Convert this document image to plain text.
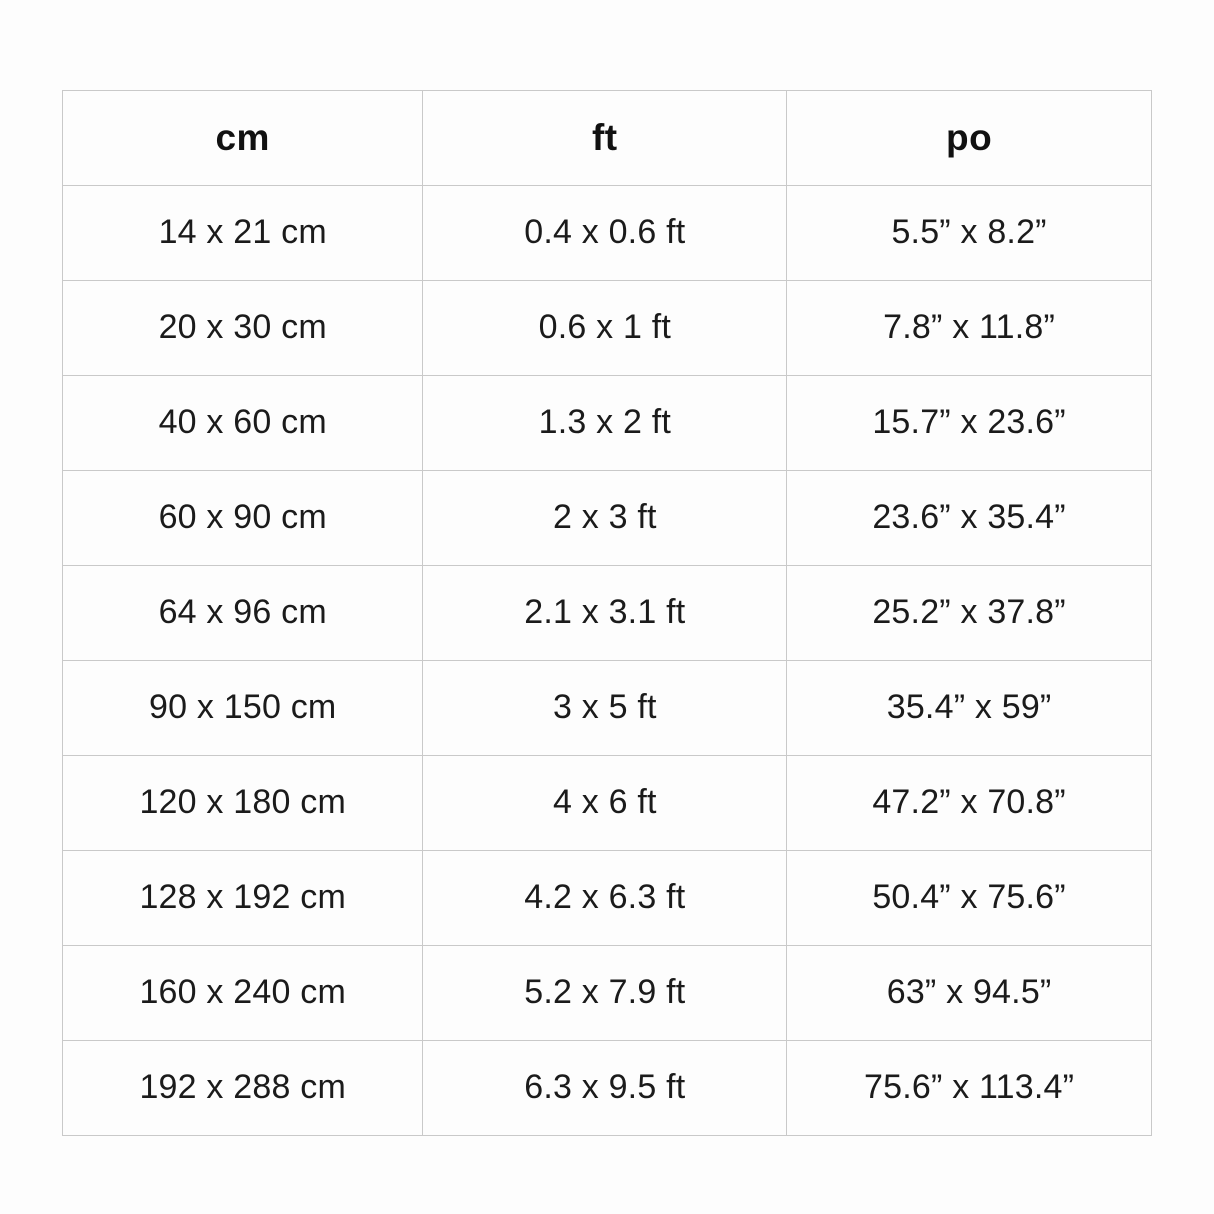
cm	ft	po

14 x 21 cm	0.4 x 0.6 ft	5.5” x 8.2”

20 x 30 cm	0.6 x 1 ft	7.8” x 11.8”

40 x 60 cm	1.3 x 2 ft	15.7” x 23.6”

60 x 90 cm	2 x 3 ft	23.6” x 35.4”

64 x 96 cm	2.1 x 3.1 ft	25.2” x 37.8”

90 x 150 cm	3 x 5 ft	35.4” x 59”

120 x 180 cm	4 x 6 ft	47.2” x 70.8”

128 x 192 cm	4.2 x 6.3 ft	50.4” x 75.6”

160 x 240 cm	5.2 x 7.9 ft	63” x 94.5”

192 x 288 cm	6.3 x 9.5 ft	75.6” x 113.4”
